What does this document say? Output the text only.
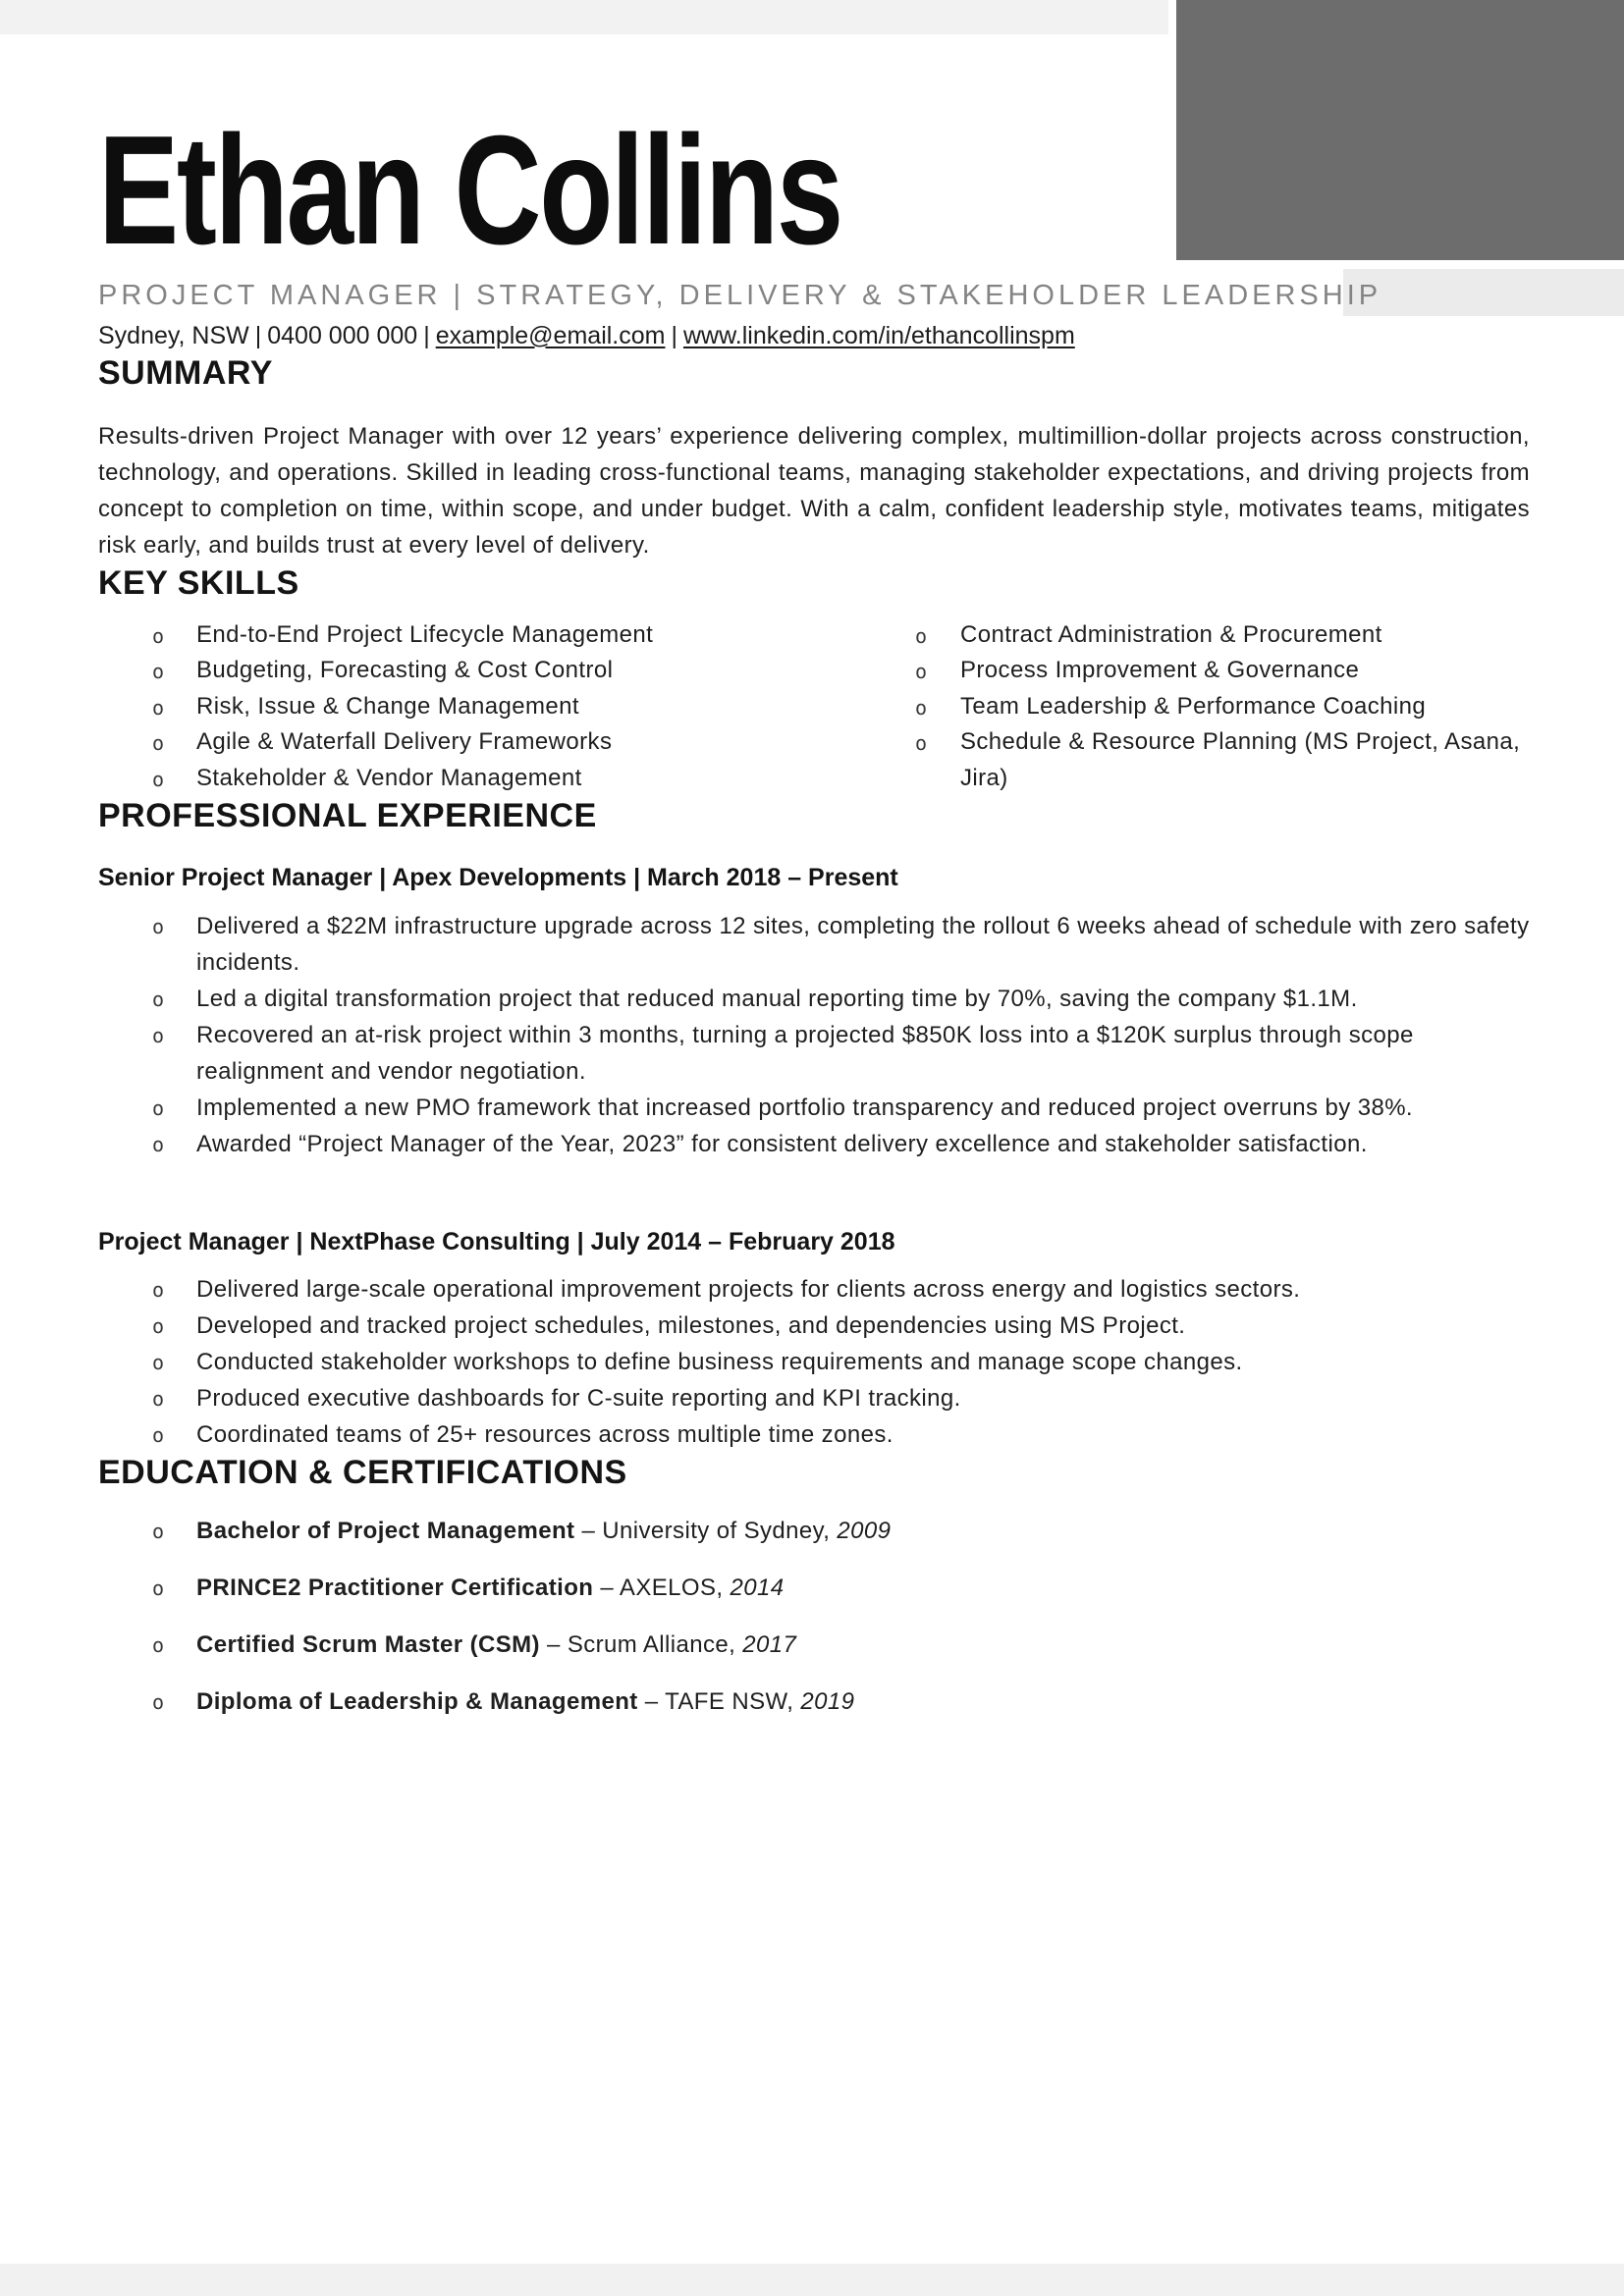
Ethan Collins
PROJECT MANAGER | STRATEGY, DELIVERY & STAKEHOLDER LEADERSHIP
Sydney, NSW | 0400 000 000 | example@email.com | www.linkedin.com/in/ethancollinspm
SUMMARY
Results-driven Project Manager with over 12 years’ experience delivering complex, multimillion-dollar projects across construction, technology, and operations. Skilled in leading cross-functional teams, managing stakeholder expectations, and driving projects from concept to completion on time, within scope, and under budget. With a calm, confident leadership style, motivates teams, mitigates risk early, and builds trust at every level of delivery.
KEY SKILLS
o End-to-End Project Lifecycle Management
o Budgeting, Forecasting & Cost Control
o Risk, Issue & Change Management
o Agile & Waterfall Delivery Frameworks
o Stakeholder & Vendor Management
o Contract Administration & Procurement
o Process Improvement & Governance
o Team Leadership & Performance Coaching
o Schedule & Resource Planning (MS Project, Asana, Jira)
PROFESSIONAL EXPERIENCE
Senior Project Manager | Apex Developments | March 2018 – Present
o Delivered a $22M infrastructure upgrade across 12 sites, completing the rollout 6 weeks ahead of schedule with zero safety incidents.
o Led a digital transformation project that reduced manual reporting time by 70%, saving the company $1.1M.
o Recovered an at-risk project within 3 months, turning a projected $850K loss into a $120K surplus through scope realignment and vendor negotiation.
o Implemented a new PMO framework that increased portfolio transparency and reduced project overruns by 38%.
o Awarded “Project Manager of the Year, 2023” for consistent delivery excellence and stakeholder satisfaction.
Project Manager | NextPhase Consulting | July 2014 – February 2018
o Delivered large-scale operational improvement projects for clients across energy and logistics sectors.
o Developed and tracked project schedules, milestones, and dependencies using MS Project.
o Conducted stakeholder workshops to define business requirements and manage scope changes.
o Produced executive dashboards for C-suite reporting and KPI tracking.
o Coordinated teams of 25+ resources across multiple time zones.
EDUCATION & CERTIFICATIONS
o Bachelor of Project Management – University of Sydney, 2009
o PRINCE2 Practitioner Certification – AXELOS, 2014
o Certified Scrum Master (CSM) – Scrum Alliance, 2017
o Diploma of Leadership & Management – TAFE NSW, 2019
